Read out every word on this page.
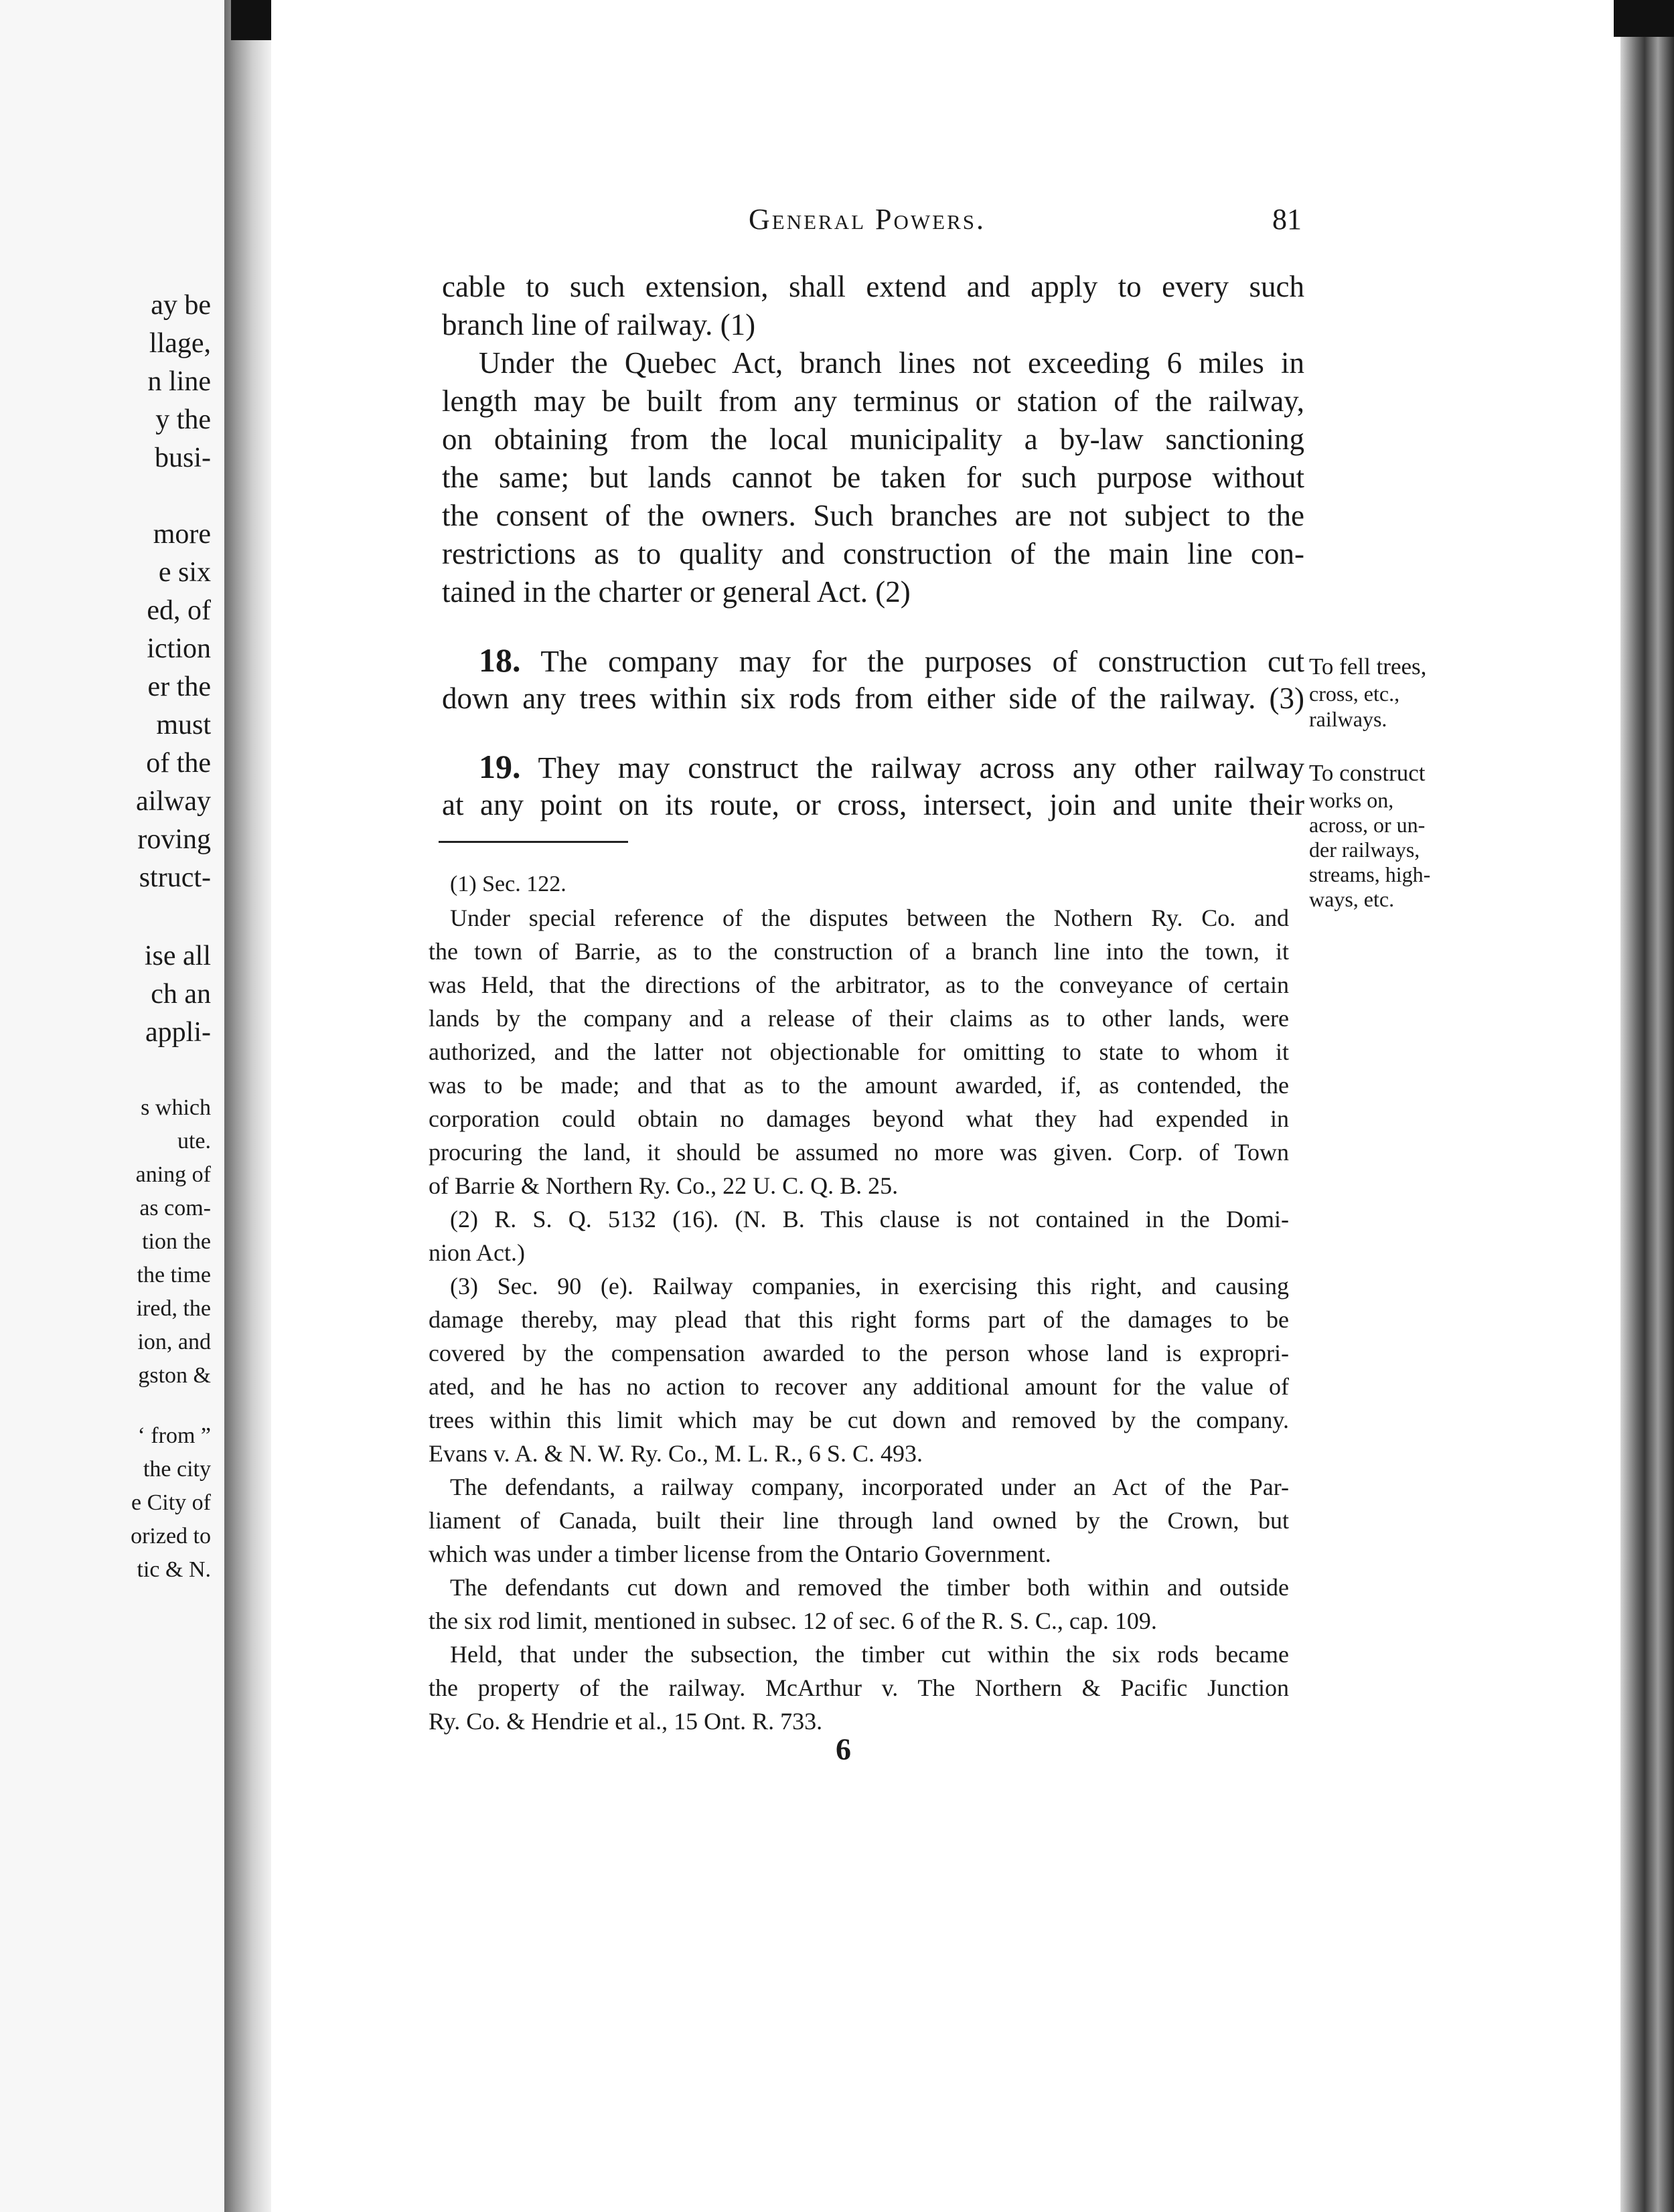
ay be
llage,
n line
y the
busi-
more
e six
ed, of
iction
er the
must
of the
ailway
roving
struct-
ise all
ch an
appli-
s which
ute.
aning of
as com-
tion the
the time
ired, the
ion, and
gston &
‘ from ”
the city
e City of
orized to
tic & N.
General Powers.	81
cable to such extension, shall extend and apply to every such
branch line of railway. (1)
Under the Quebec Act, branch lines not exceeding 6 miles in
length may be built from any terminus or station of the railway,
on obtaining from the local municipality a by-law sanctioning
the same; but lands cannot be taken for such purpose without
the consent of the owners. Such branches are not subject to the
restrictions as to quality and construction of the main line con-
tained in the charter or general Act. (2)
18. The company may for the purposes of construction cut
down any trees within six rods from either side of the railway. (3)
19. They may construct the railway across any other railway
at any point on its route, or cross, intersect, join and unite their
To fell trees,
cross, etc.,
railways.
To construct
works on,
across, or un-
der railways,
streams, high-
ways, etc.
(1) Sec. 122.
Under special reference of the disputes between the Nothern Ry. Co. and
the town of Barrie, as to the construction of a branch line into the town, it
was Held, that the directions of the arbitrator, as to the conveyance of certain
lands by the company and a release of their claims as to other lands, were
authorized, and the latter not objectionable for omitting to state to whom it
was to be made; and that as to the amount awarded, if, as contended, the
corporation could obtain no damages beyond what they had expended in
procuring the land, it should be assumed no more was given. Corp. of Town
of Barrie & Northern Ry. Co., 22 U. C. Q. B. 25.
(2) R. S. Q. 5132 (16). (N. B. This clause is not contained in the Domi-
nion Act.)
(3) Sec. 90 (e). Railway companies, in exercising this right, and causing
damage thereby, may plead that this right forms part of the damages to be
covered by the compensation awarded to the person whose land is expropri-
ated, and he has no action to recover any additional amount for the value of
trees within this limit which may be cut down and removed by the company.
Evans v. A. & N. W. Ry. Co., M. L. R., 6 S. C. 493.
The defendants, a railway company, incorporated under an Act of the Par-
liament of Canada, built their line through land owned by the Crown, but
which was under a timber license from the Ontario Government.
The defendants cut down and removed the timber both within and outside
the six rod limit, mentioned in subsec. 12 of sec. 6 of the R. S. C., cap. 109.
Held, that under the subsection, the timber cut within the six rods became
the property of the railway. McArthur v. The Northern & Pacific Junction
Ry. Co. & Hendrie et al., 15 Ont. R. 733.
6
